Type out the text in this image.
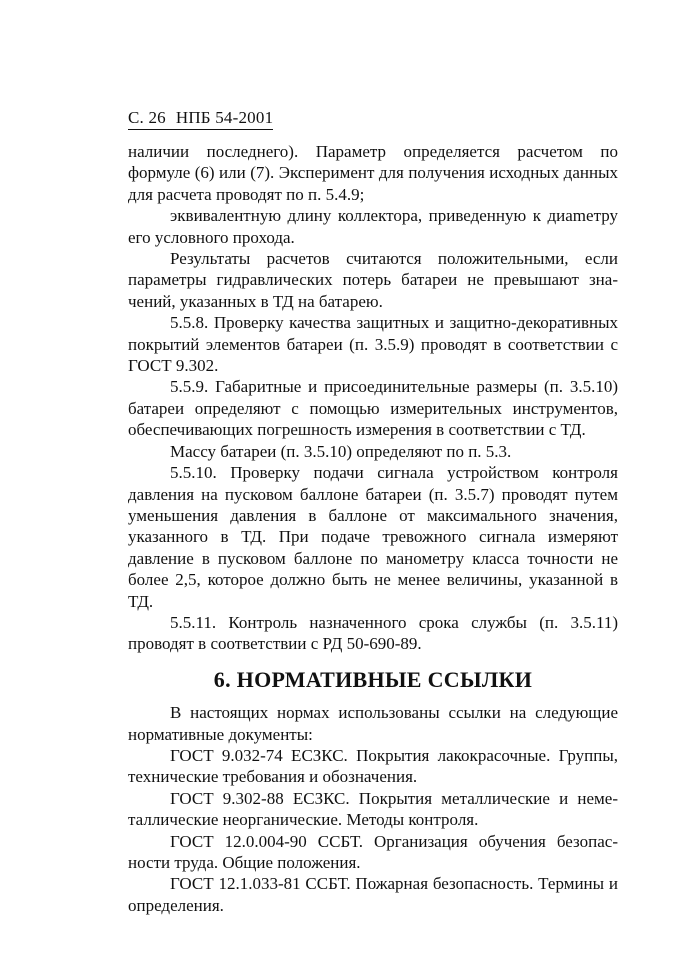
С. 26 НПБ 54-2001

наличии последнего). Параметр определяется расчетом по формуле (6) или (7). Эксперимент для получения исходных данных для расчета проводят по п. 5.4.9;

эквивалентную длину коллектора, приведенную к диаmетру его условного прохода.

Результаты расчетов считаются положительными, если параметры гидравлических потерь батареи не превышают значений, указанных в ТД на батарею.

5.5.8. Проверку качества защитных и защитно-декоративных покрытий элементов батареи (п. 3.5.9) проводят в соответствии с ГОСТ 9.302.

5.5.9. Габаритные и присоединительные размеры (п. 3.5.10) батареи определяют с помощью измерительных инструментов, обеспечивающих погрешность измерения в соответствии с ТД.

Массу батареи (п. 3.5.10) определяют по п. 5.3.

5.5.10. Проверку подачи сигнала устройством контроля давления на пусковом баллоне батареи (п. 3.5.7) проводят путем уменьшения давления в баллоне от максимального значения, указанного в ТД. При подаче тревожного сигнала измеряют давление в пусковом баллоне по манометру класса точности не более 2,5, которое должно быть не менее величины, указанной в ТД.

5.5.11. Контроль назначенного срока службы (п. 3.5.11) проводят в соответствии с РД 50-690-89.

6. НОРМАТИВНЫЕ ССЫЛКИ

В настоящих нормах использованы ссылки на следующие нормативные документы:

ГОСТ 9.032-74 ЕСЗКС. Покрытия лакокрасочные. Группы, технические требования и обозначения.

ГОСТ 9.302-88 ЕСЗКС. Покрытия металлические и неметаллические неорганические. Методы контроля.

ГОСТ 12.0.004-90 ССБТ. Организация обучения безопасности труда. Общие положения.

ГОСТ 12.1.033-81 ССБТ. Пожарная безопасность. Термины и определения.
